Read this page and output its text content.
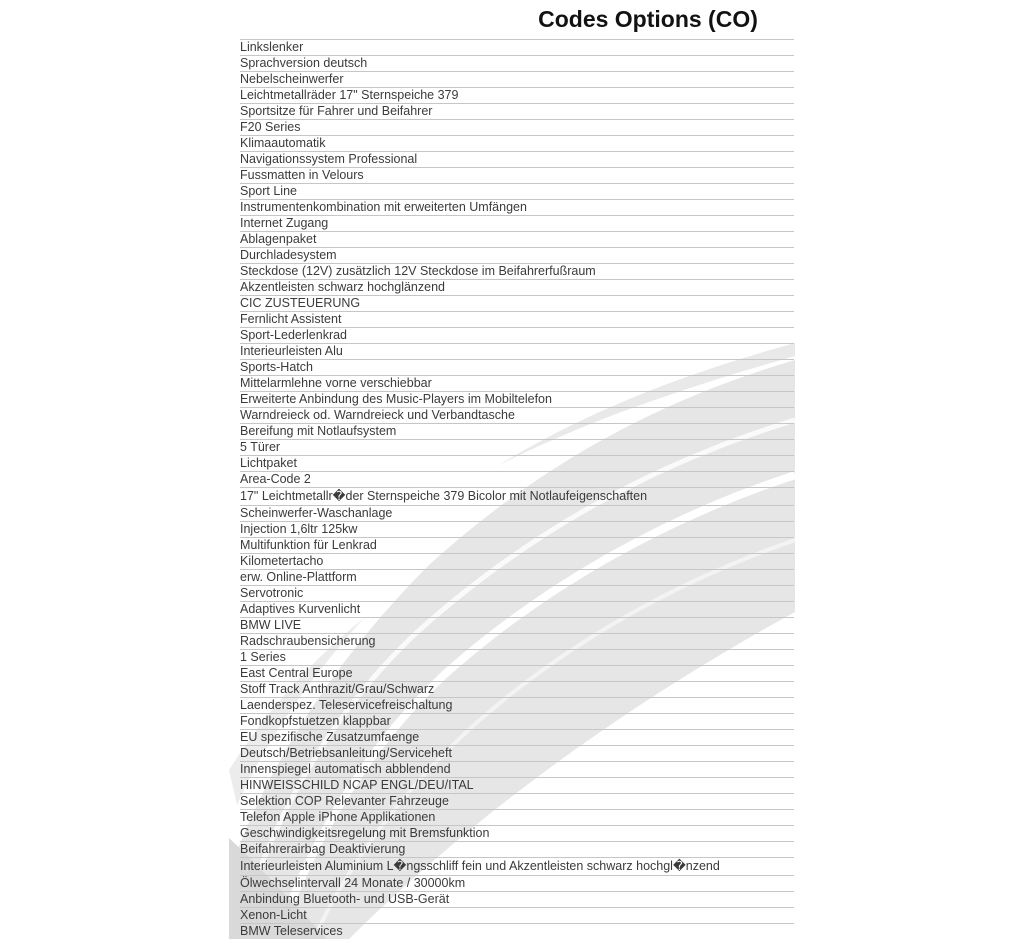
Codes Options (CO)
Linkslenker
Sprachversion deutsch
Nebelscheinwerfer
Leichtmetallräder 17" Sternspeiche 379
Sportsitze für Fahrer und Beifahrer
F20 Series
Klimaautomatik
Navigationssystem Professional
Fussmatten in Velours
Sport Line
Instrumentenkombination mit erweiterten Umfängen
Internet Zugang
Ablagenpaket
Durchladesystem
Steckdose (12V) zusätzlich 12V Steckdose im Beifahrerfußraum
Akzentleisten schwarz hochglänzend
CIC ZUSTEUERUNG
Fernlicht Assistent
Sport-Lederlenkrad
Interieurleisten Alu
Sports-Hatch
Mittelarmlehne vorne verschiebbar
Erweiterte Anbindung des Music-Players im Mobiltelefon
Warndreieck od. Warndreieck und Verbandtasche
Bereifung mit Notlaufsystem
5 Türer
Lichtpaket
Area-Code 2
17" Leichtmetallr�der Sternspeiche 379 Bicolor mit Notlaufeigenschaften
Scheinwerfer-Waschanlage
Injection 1,6ltr 125kw
Multifunktion für Lenkrad
Kilometertacho
erw. Online-Plattform
Servotronic
Adaptives Kurvenlicht
BMW LIVE
Radschraubensicherung
1 Series
East Central Europe
Stoff Track Anthrazit/Grau/Schwarz
Laenderspez. Teleservicefreischaltung
Fondkopfstuetzen klappbar
EU spezifische Zusatzumfaenge
Deutsch/Betriebsanleitung/Serviceheft
Innenspiegel automatisch abblendend
HINWEISSCHILD NCAP ENGL/DEU/ITAL
Selektion COP Relevanter Fahrzeuge
Telefon Apple iPhone Applikationen
Geschwindigkeitsregelung mit Bremsfunktion
Beifahrerairbag Deaktivierung
Interieurleisten Aluminium L�ngsschliff fein und Akzentleisten schwarz hochgl�nzend
Ölwechselintervall 24 Monate / 30000km
Anbindung Bluetooth- und USB-Gerät
Xenon-Licht
BMW Teleservices
